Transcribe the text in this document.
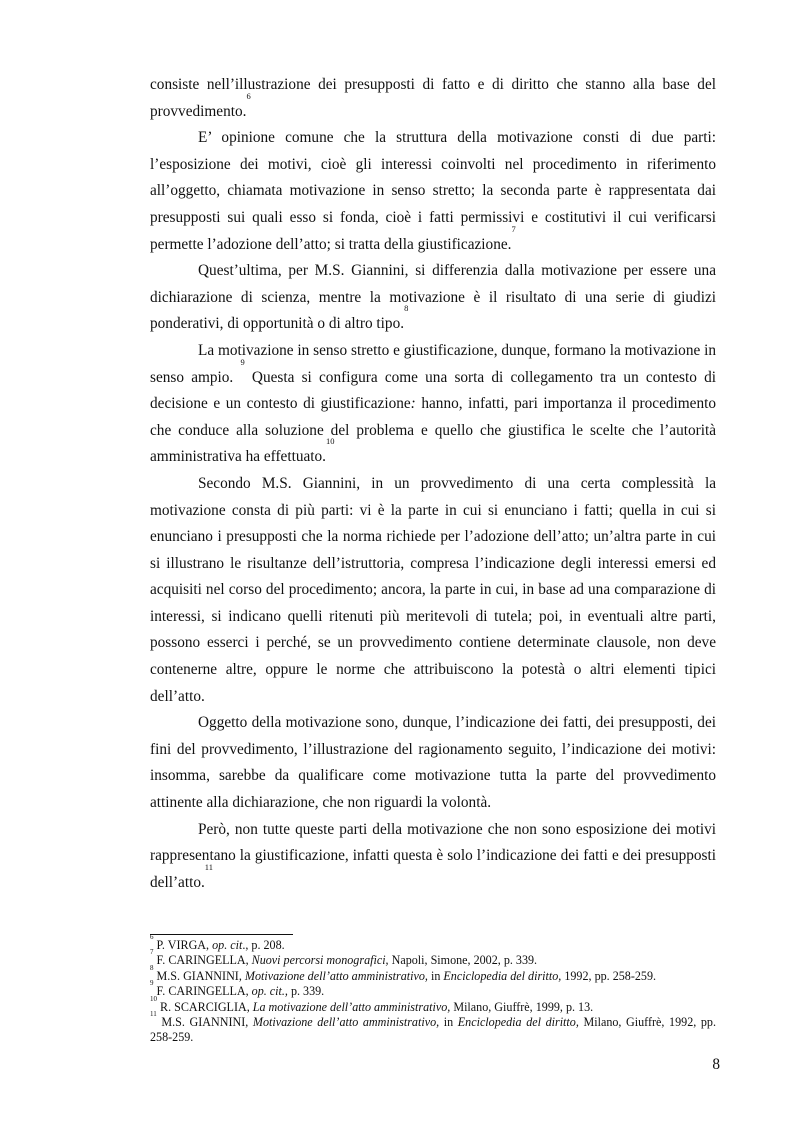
consiste nell’illustrazione dei presupposti di fatto e di diritto che stanno alla base del provvedimento.$^6$

E’ opinione comune che la struttura della motivazione consti di due parti: l’esposizione dei motivi, cioè gli interessi coinvolti nel procedimento in riferimento all’oggetto, chiamata motivazione in senso stretto; la seconda parte è rappresentata dai presupposti sui quali esso si fonda, cioè i fatti permissivi e costitutivi il cui verificarsi permette l’adozione dell’atto; si tratta della giustificazione.$^7$

Quest’ultima, per M.S. Giannini, si differenzia dalla motivazione per essere una dichiarazione di scienza, mentre la motivazione è il risultato di una serie di giudizi ponderativi, di opportunità o di altro tipo.$^8$

La motivazione in senso stretto e giustificazione, dunque, formano la motivazione in senso ampio. $^9$ Questa si configura come una sorta di collegamento tra un contesto di decisione e un contesto di giustificazione: hanno, infatti, pari importanza il procedimento che conduce alla soluzione del problema e quello che giustifica le scelte che l’autorità amministrativa ha effettuato.$^{10}$

Secondo M.S. Giannini, in un provvedimento di una certa complessità la motivazione consta di più parti: vi è la parte in cui si enunciano i fatti; quella in cui si enunciano i presupposti che la norma richiede per l’adozione dell’atto; un’altra parte in cui si illustrano le risultanze dell’istruttoria, compresa l’indicazione degli interessi emersi ed acquisiti nel corso del procedimento; ancora, la parte in cui, in base ad una comparazione di interessi, si indicano quelli ritenuti più meritevoli di tutela; poi, in eventuali altre parti, possono esserci i perché, se un provvedimento contiene determinate clausole, non deve contenerne altre, oppure le norme che attribuiscono la potestà o altri elementi tipici dell’atto.

Oggetto della motivazione sono, dunque, l’indicazione dei fatti, dei presupposti, dei fini del provvedimento, l’illustrazione del ragionamento seguito, l’indicazione dei motivi: insomma, sarebbe da qualificare come motivazione tutta la parte del provvedimento attinente alla dichiarazione, che non riguardi la volontà.

Però, non tutte queste parti della motivazione che non sono esposizione dei motivi rappresentano la giustificazione, infatti questa è solo l’indicazione dei fatti e dei presupposti dell’atto.$^{11}$

$^6$ P. VIRGA, op. cit., p. 208.

$^7$ F. CARINGELLA, Nuovi percorsi monografici, Napoli, Simone, 2002, p. 339.

$^8$ M.S. GIANNINI, Motivazione dell’atto amministrativo, in Enciclopedia del diritto, 1992, pp. 258-259.

$^9$ F. CARINGELLA, op. cit., p. 339.

$^{10}$ R. SCARCIGLIA, La motivazione dell’atto amministrativo, Milano, Giuffrè, 1999, p. 13.

$^{11}$ M.S. GIANNINI, Motivazione dell’atto amministrativo, in Enciclopedia del diritto, Milano, Giuffrè, 1992, pp. 258-259.

8
